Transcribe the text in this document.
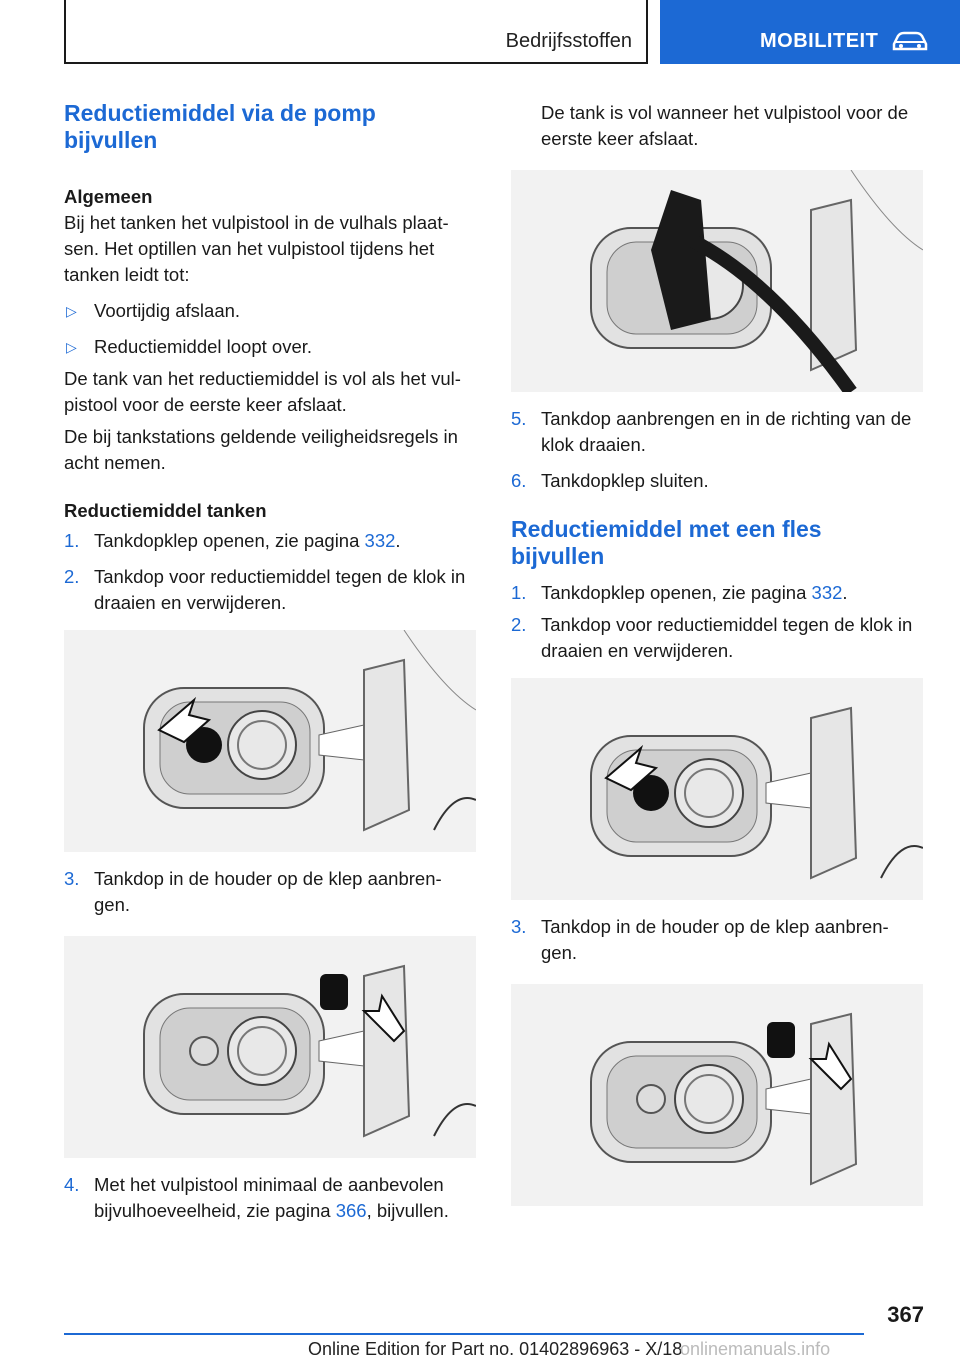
Bedrijfsstoffen	MOBILITEIT
Reductiemiddel via de pomp bijvullen
Algemeen

Bij het tanken het vulpistool in de vulhals plaat-sen. Het optillen van het vulpistool tijdens het tanken leidt tot:

▷ Voortijdig afslaan.
▷ Reductiemiddel loopt over.

De tank van het reductiemiddel is vol als het vul-pistool voor de eerste keer afslaat.

De bij tankstations geldende veiligheidsregels in acht nemen.

Reductiemiddel tanken
1. Tankdopklep openen, zie pagina 332.
2. Tankdop voor reductiemiddel tegen de klok in draaien en verwijderen.
3. Tankdop in de houder op de klep aanbren-gen.
4. Met het vulpistool minimaal de aanbevolen bijvulhoeveelheid, zie pagina 366, bijvullen.

De tank is vol wanneer het vulpistool voor de eerste keer afslaat.

5. Tankdop aanbrengen en in de richting van de klok draaien.
6. Tankdopklep sluiten.
Reductiemiddel met een fles bijvullen
1. Tankdopklep openen, zie pagina 332.
2. Tankdop voor reductiemiddel tegen de klok in draaien en verwijderen.
3. Tankdop in de houder op de klep aanbren-gen.
367
Online Edition for Part no. 01402896963 - X/18
onlinemanuals.info
